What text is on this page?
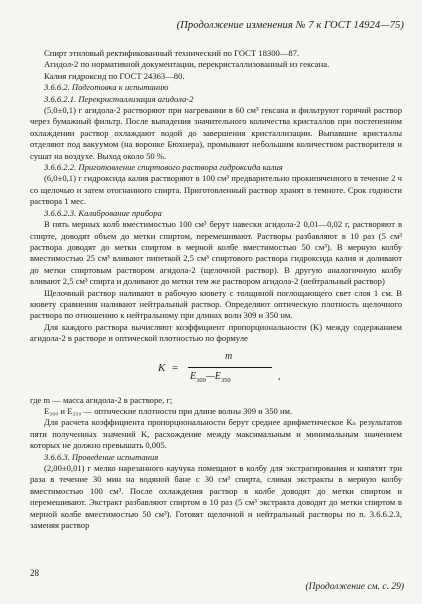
(Продолжение изменения № 7 к ГОСТ 14924—75)

Спирт этиловый ректификованный технический по ГОСТ 18300—87.

Агидол-2 по нормативной документации, перекристаллизованный из гексана.

Калия гидроксид по ГОСТ 24363—80.

3.6.6.2. Подготовка к испытанию

3.6.6.2.1. Перекристаллизация агидола-2

(5,0±0,1) г агидола-2 растворяют при нагревании в 60 см³ гексана и фильтруют горячий раствор через бумажный фильтр. После выпадения значительного количества кристаллов при постепенном охлаждении раствор охлаждают водой до завершения кристаллизации. Выпавшие кристаллы отделяют под вакуумом (на воронке Бюхнера), промывают небольшим количеством растворителя и сушат на воздухе. Выход около 50 %.

3.6.6.2.2. Приготовление спиртового раствора гидроксида калия

(6,0±0,1) г гидроксида калия растворяют в 100 см³ предварительно прокипяченного в течение 2 ч со щелочью и затем отогнанного спирта. Приготовленный раствор хранят в темноте. Срок годности раствора 1 мес.

3.6.6.2.3. Калибрование прибора

В пять мерных колб вместимостью 100 см³ берут навески агидола-2 0,01—0,02 г, растворяют в спирте, доводят объем до метки спиртом, перемешивают. Растворы разбавляют в 10 раз (5 см³ раствора доводят до метки спиртом в мерной колбе вместимостью 50 см³). В мерную колбу вместимостью 25 см³ вливают пипеткой 2,5 см³ спиртового раствора гидроксида калия и доливают до метки спиртовым раствором агидола-2 (щелочной раствор). В другую аналогичную колбу вливают 2,5 см³ спирта и доливают до метки тем же раствором агидола-2 (нейтральный раствор)

Щелочный раствор наливают в рабочую кювету с толщиной поглощающего свет слоя 1 см. В кювету сравнения наливают нейтральный раствор. Определяют оптическую плотность щелочного раствора по отношению к нейтральному при длинах волн 309 и 350 нм.

Для каждого раствора вычисляют коэффициент пропорциональности (K) между содержанием агидола-2 в растворе и оптической плотностью по формуле

K =
m
$E_{309}—E_{350}$	,

где m — масса агидола-2 в растворе, г;

E₃₀₉ и E₃₅₀ — оптические плотности при длине волны 309 и 350 нм.

Для расчета коэффициента пропорциональности берут среднее арифметическое Kₙ результатов пяти полученных значений K, расхождение между максимальным и минимальным значением которых не должно превышать 0,005.

3.6.6.3. Проведение испытания

(2,00±0,01) г мелко нарезанного каучука помещают в колбу для экстрагирования и кипятят три раза в течение 30 мин на водяной бане с 30 см³ спирта, сливая экстракты в мерную колбу вместимостью 100 см³. После охлаждения раствор в колбе доводят до метки спиртом и перемешивают. Экстракт разбавляют спиртом в 10 раз (5 см³ экстракта доводят до метки спиртом в мерной колбе вместимостью 50 см³). Готовят щелочной и нейтральный растворы по п. 3.6.6.2.3, заменяя раствор

28
(Продолжение см. с. 29)
